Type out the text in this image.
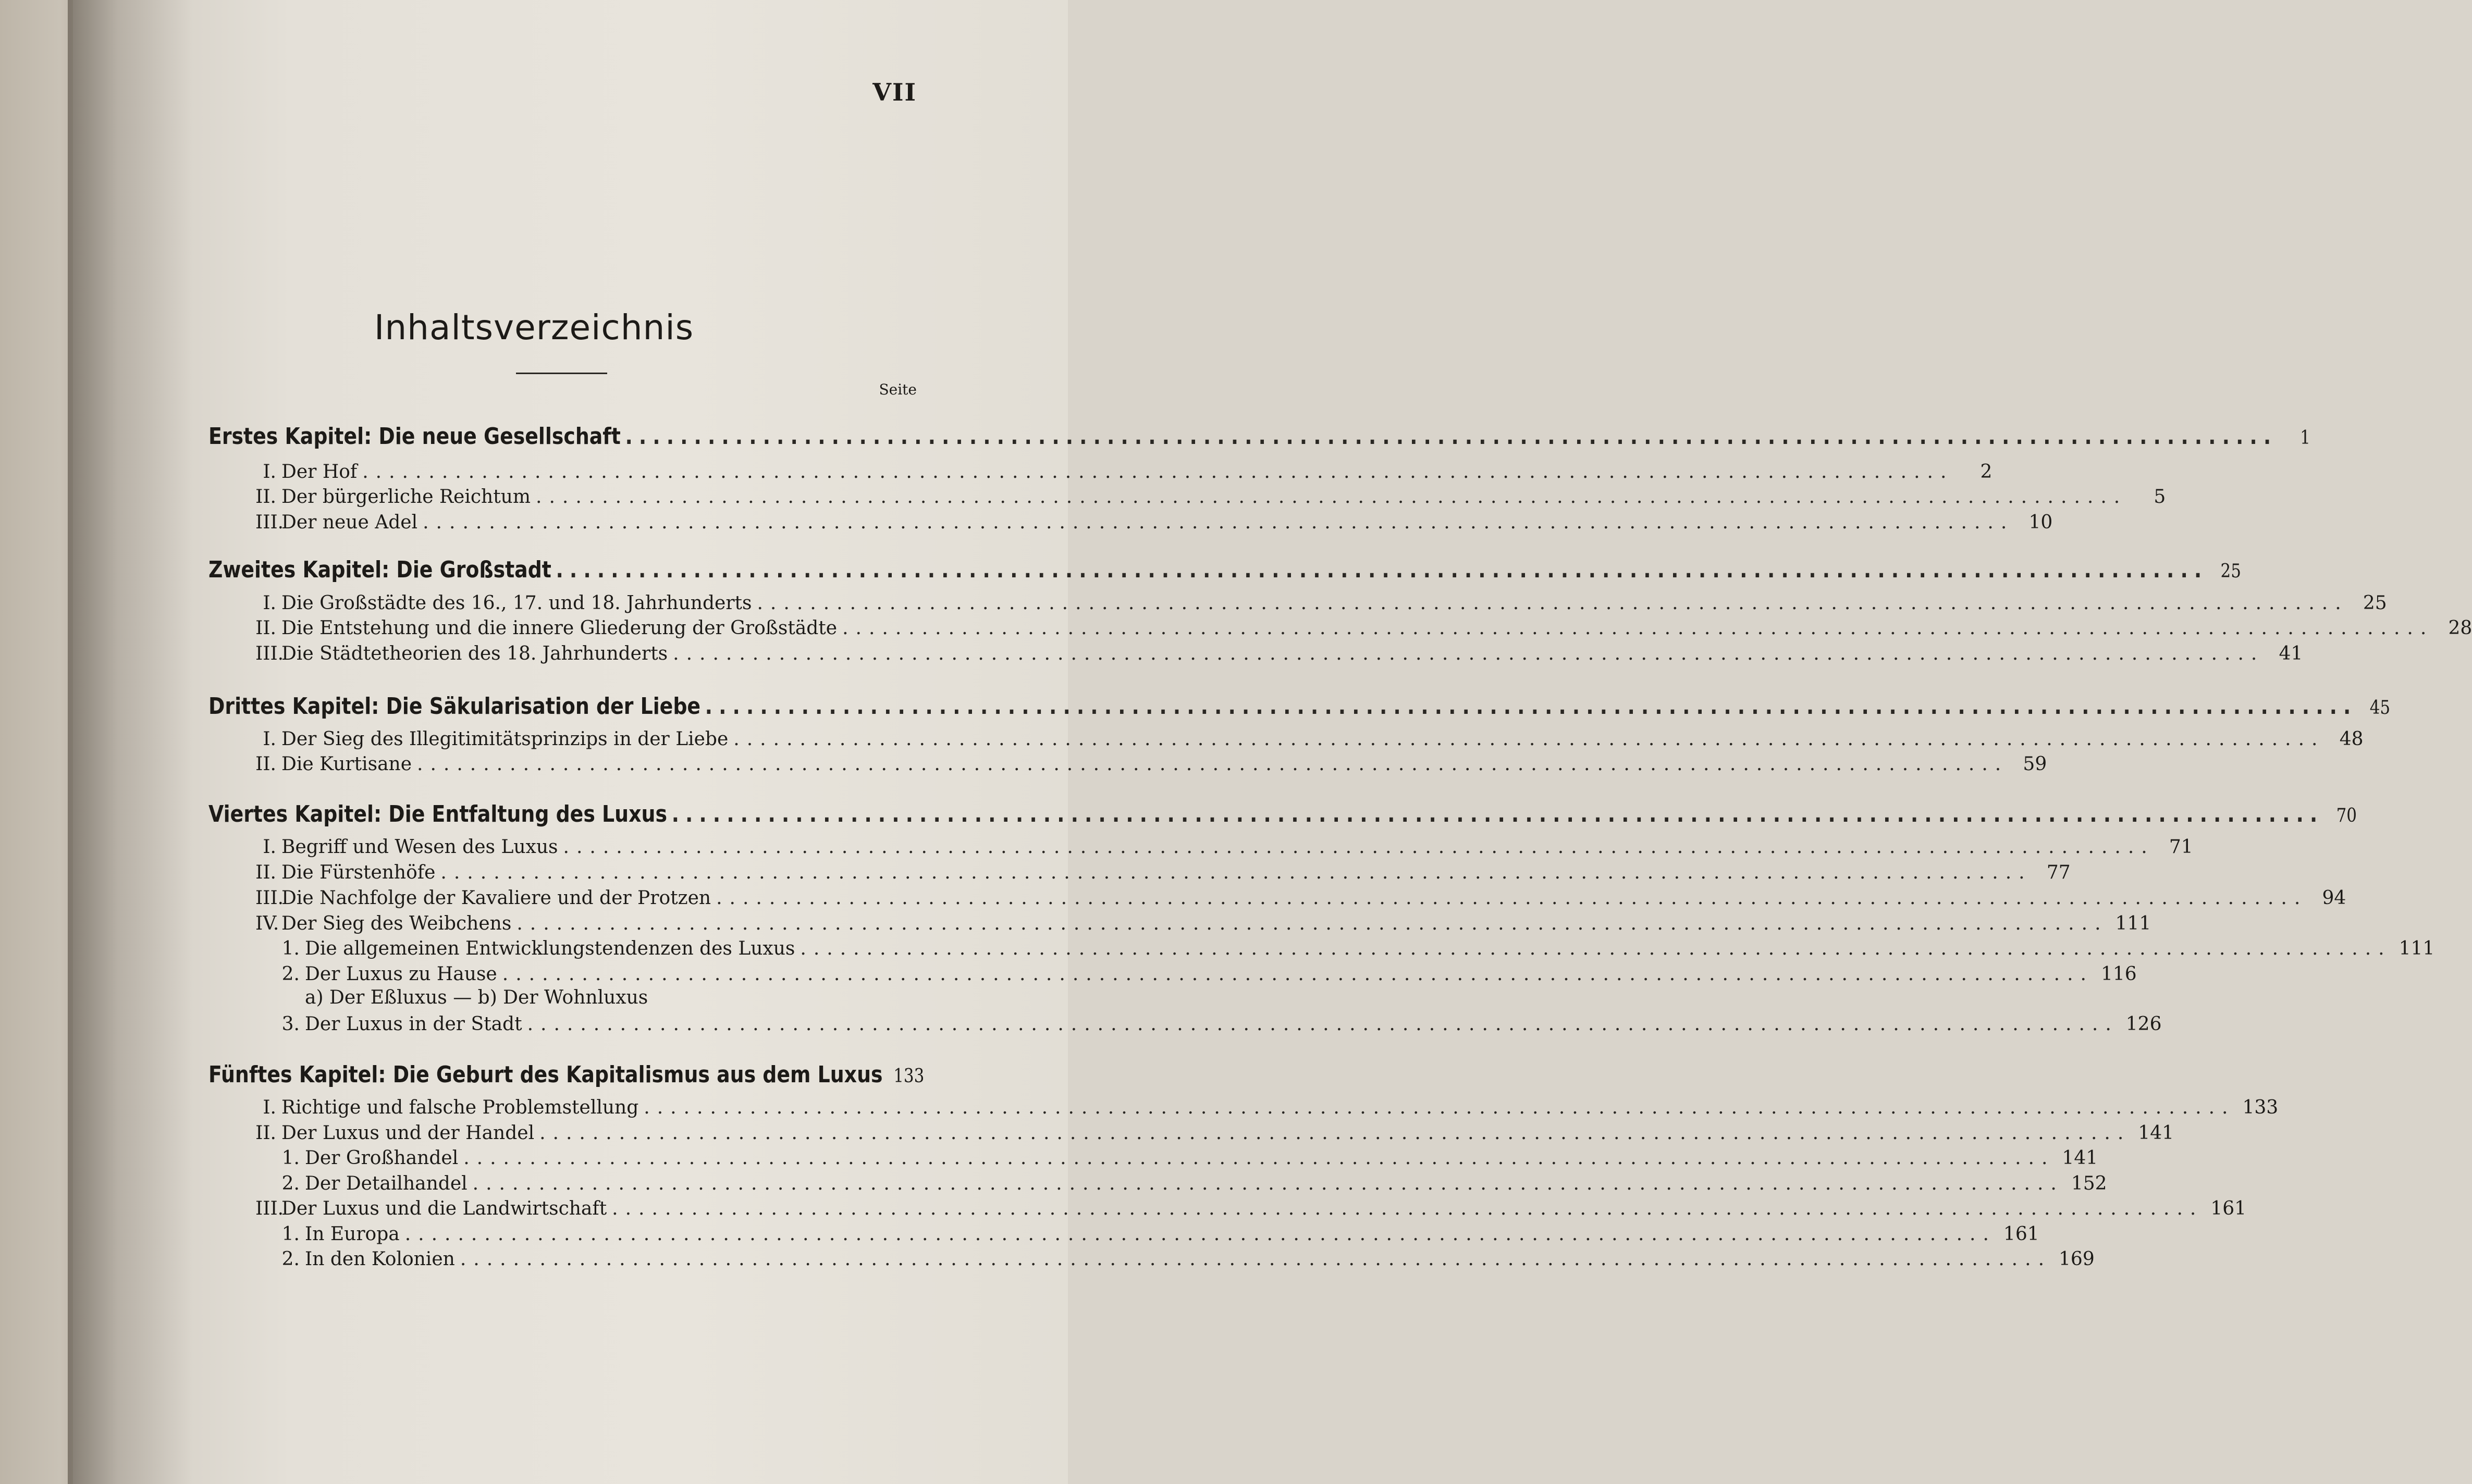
VII
Inhaltsverzeichnis
Seite
Erstes Kapitel: Die neue Gesellschaft ........................................................................................................................	1
I. Der Hof ........................................................................................................................	2
II. Der bürgerliche Reichtum ........................................................................................................................	5
III.
Der neue Adel ........................................................................................................................ 10
Zweites Kapitel: Die Großstadt ........................................................................................................................ 25
I. Die Großstädte des 16., 17. und 18. Jahrhunderts ........................................................................................................................ 25
II. Die Entstehung und die innere Gliederung der Großstädte ........................................................................................................................ 28
III.
Die Städtetheorien des 18. Jahrhunderts ........................................................................................................................ 41
Drittes Kapitel: Die Säkularisation der Liebe ........................................................................................................................ 45
I. Der Sieg des Illegitimitätsprinzips in der Liebe ........................................................................................................................ 48
II. Die Kurtisane ........................................................................................................................ 59
Viertes Kapitel: Die Entfaltung des Luxus ........................................................................................................................ 70
I. Begriff und Wesen des Luxus ........................................................................................................................ 71
II. Die Fürstenhöfe ........................................................................................................................ 77
III.
Die Nachfolge der Kavaliere und der Protzen ........................................................................................................................ 94
IV. Der Sieg des Weibchens ........................................................................................................................ 111
1. Die allgemeinen Entwicklungstendenzen des Luxus ........................................................................................................................ 111
2. Der Luxus zu Hause ........................................................................................................................ 116
a) Der Eßluxus — b) Der Wohnluxus
3. Der Luxus in der Stadt ........................................................................................................................ 126
Fünftes Kapitel: Die Geburt des Kapitalismus aus dem Luxus 133
I. Richtige und falsche Problemstellung ........................................................................................................................ 133
II. Der Luxus und der Handel ........................................................................................................................ 141
1. Der Großhandel ........................................................................................................................ 141
2. Der Detailhandel ........................................................................................................................ 152
III.
Der Luxus und die Landwirtschaft ........................................................................................................................ 161
1. In Europa ........................................................................................................................ 161
2. In den Kolonien ........................................................................................................................ 169
